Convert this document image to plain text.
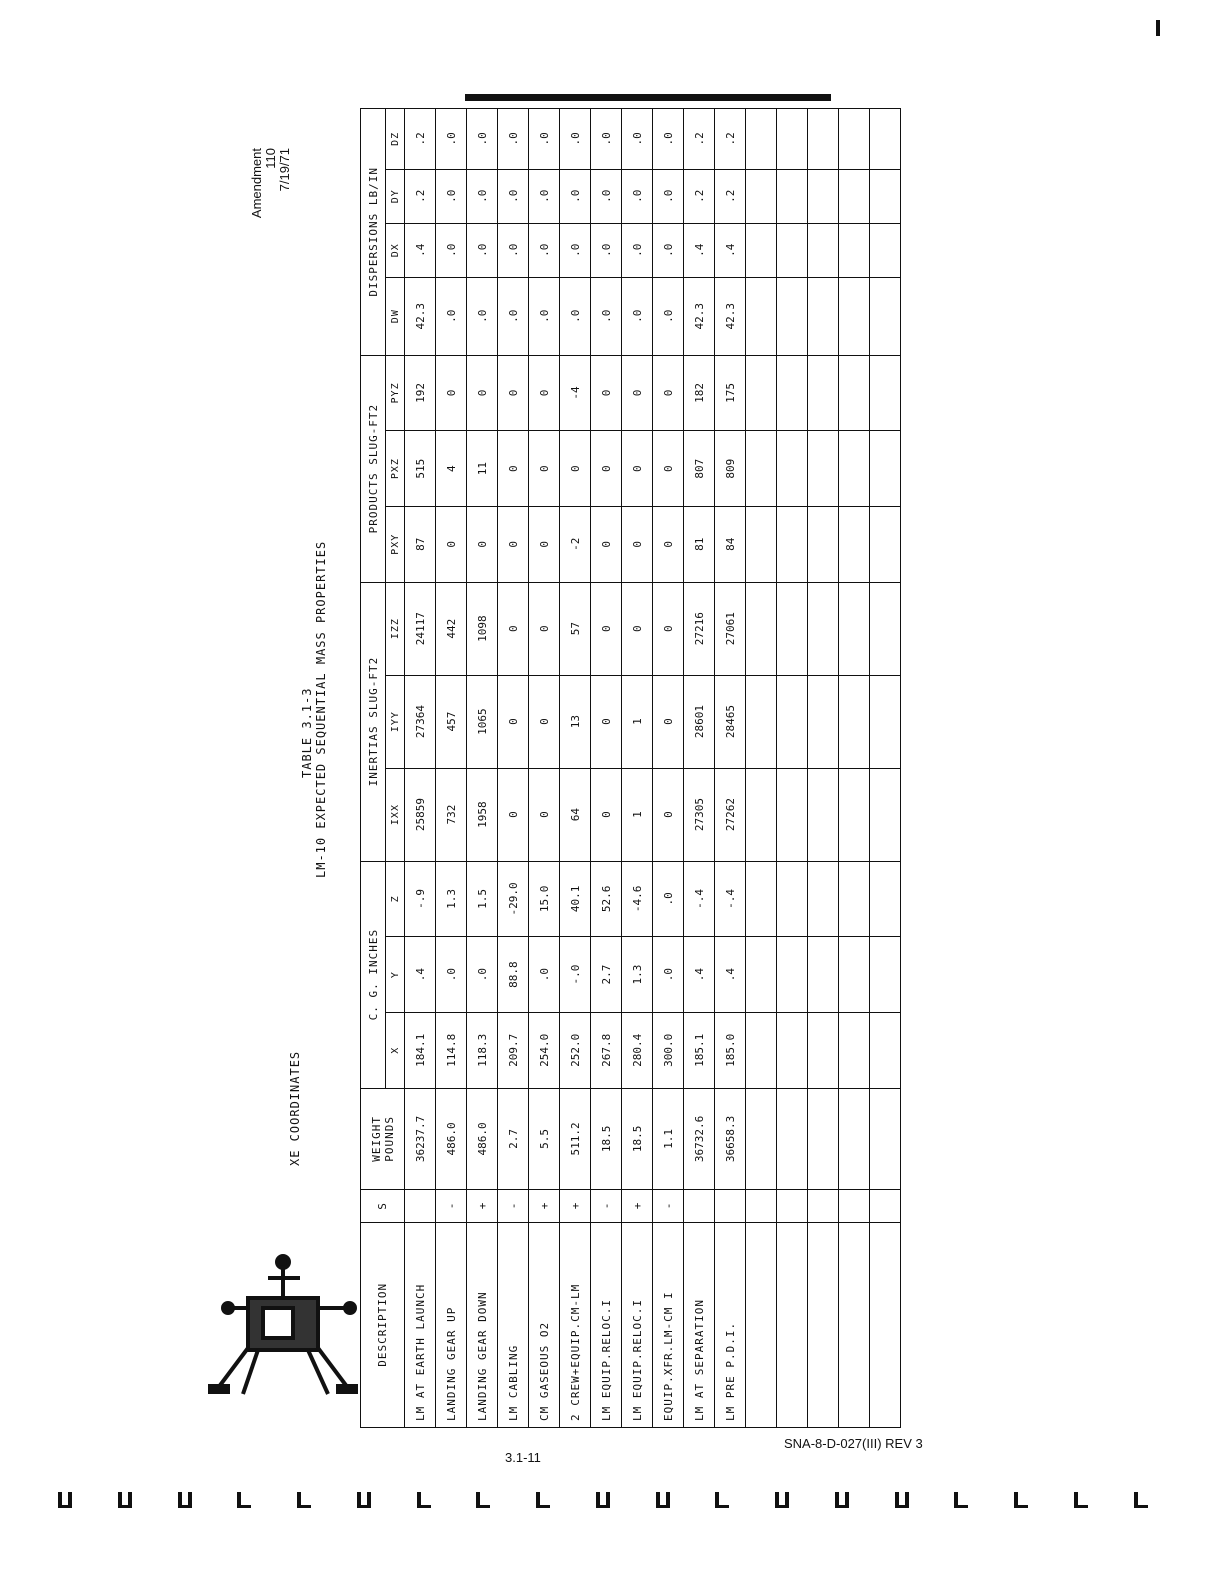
Amendment 110 7/19/71
XE COORDINATES
TABLE 3.1-3 LM-10 EXPECTED SEQUENTIAL MASS PROPERTIES
DESCRIPTION	S	WEIGHT POUNDS	C. G. INCHES			INERTIAS SLUG-FT2			PRODUCTS SLUG-FT2			DISPERSIONS LB/IN			
			X	Y	Z	IXX	IYY	IZZ	PXY	PXZ	PYZ	DW	DX	DY	DZ
LM AT EARTH LAUNCH		36237.7	184.1	.4	-.9	25859	27364	24117	87	515	192	42.3	.4	.2	.2
LANDING GEAR UP	-	486.0	114.8	.0	1.3	732	457	442	0	4	0	.0	.0	.0	.0
LANDING GEAR DOWN	+	486.0	118.3	.0	1.5	1958	1065	1098	0	11	0	.0	.0	.0	.0
LM CABLING	-	2.7	209.7	88.8	-29.0	0	0	0	0	0	0	.0	.0	.0	.0
CM GASEOUS O2	+	5.5	254.0	.0	15.0	0	0	0	0	0	0	.0	.0	.0	.0
2 CREW+EQUIP.CM-LM	+	511.2	252.0	-.0	40.1	64	13	57	-2	0	-4	.0	.0	.0	.0
LM EQUIP.RELOC.I	-	18.5	267.8	2.7	52.6	0	0	0	0	0	0	.0	.0	.0	.0
LM EQUIP.RELOC.I	+	18.5	280.4	1.3	-4.6	1	1	0	0	0	0	.0	.0	.0	.0
EQUIP.XFR.LM-CM I	-	1.1	300.0	.0	.0	0	0	0	0	0	0	.0	.0	.0	.0
LM AT SEPARATION		36732.6	185.1	.4	-.4	27305	28601	27216	81	807	182	42.3	.4	.2	.2
LM PRE P.D.I.		36658.3	185.0	.4	-.4	27262	28465	27061	84	809	175	42.3	.4	.2	.2

3.1-11
SNA-8-D-027(III) REV 3
